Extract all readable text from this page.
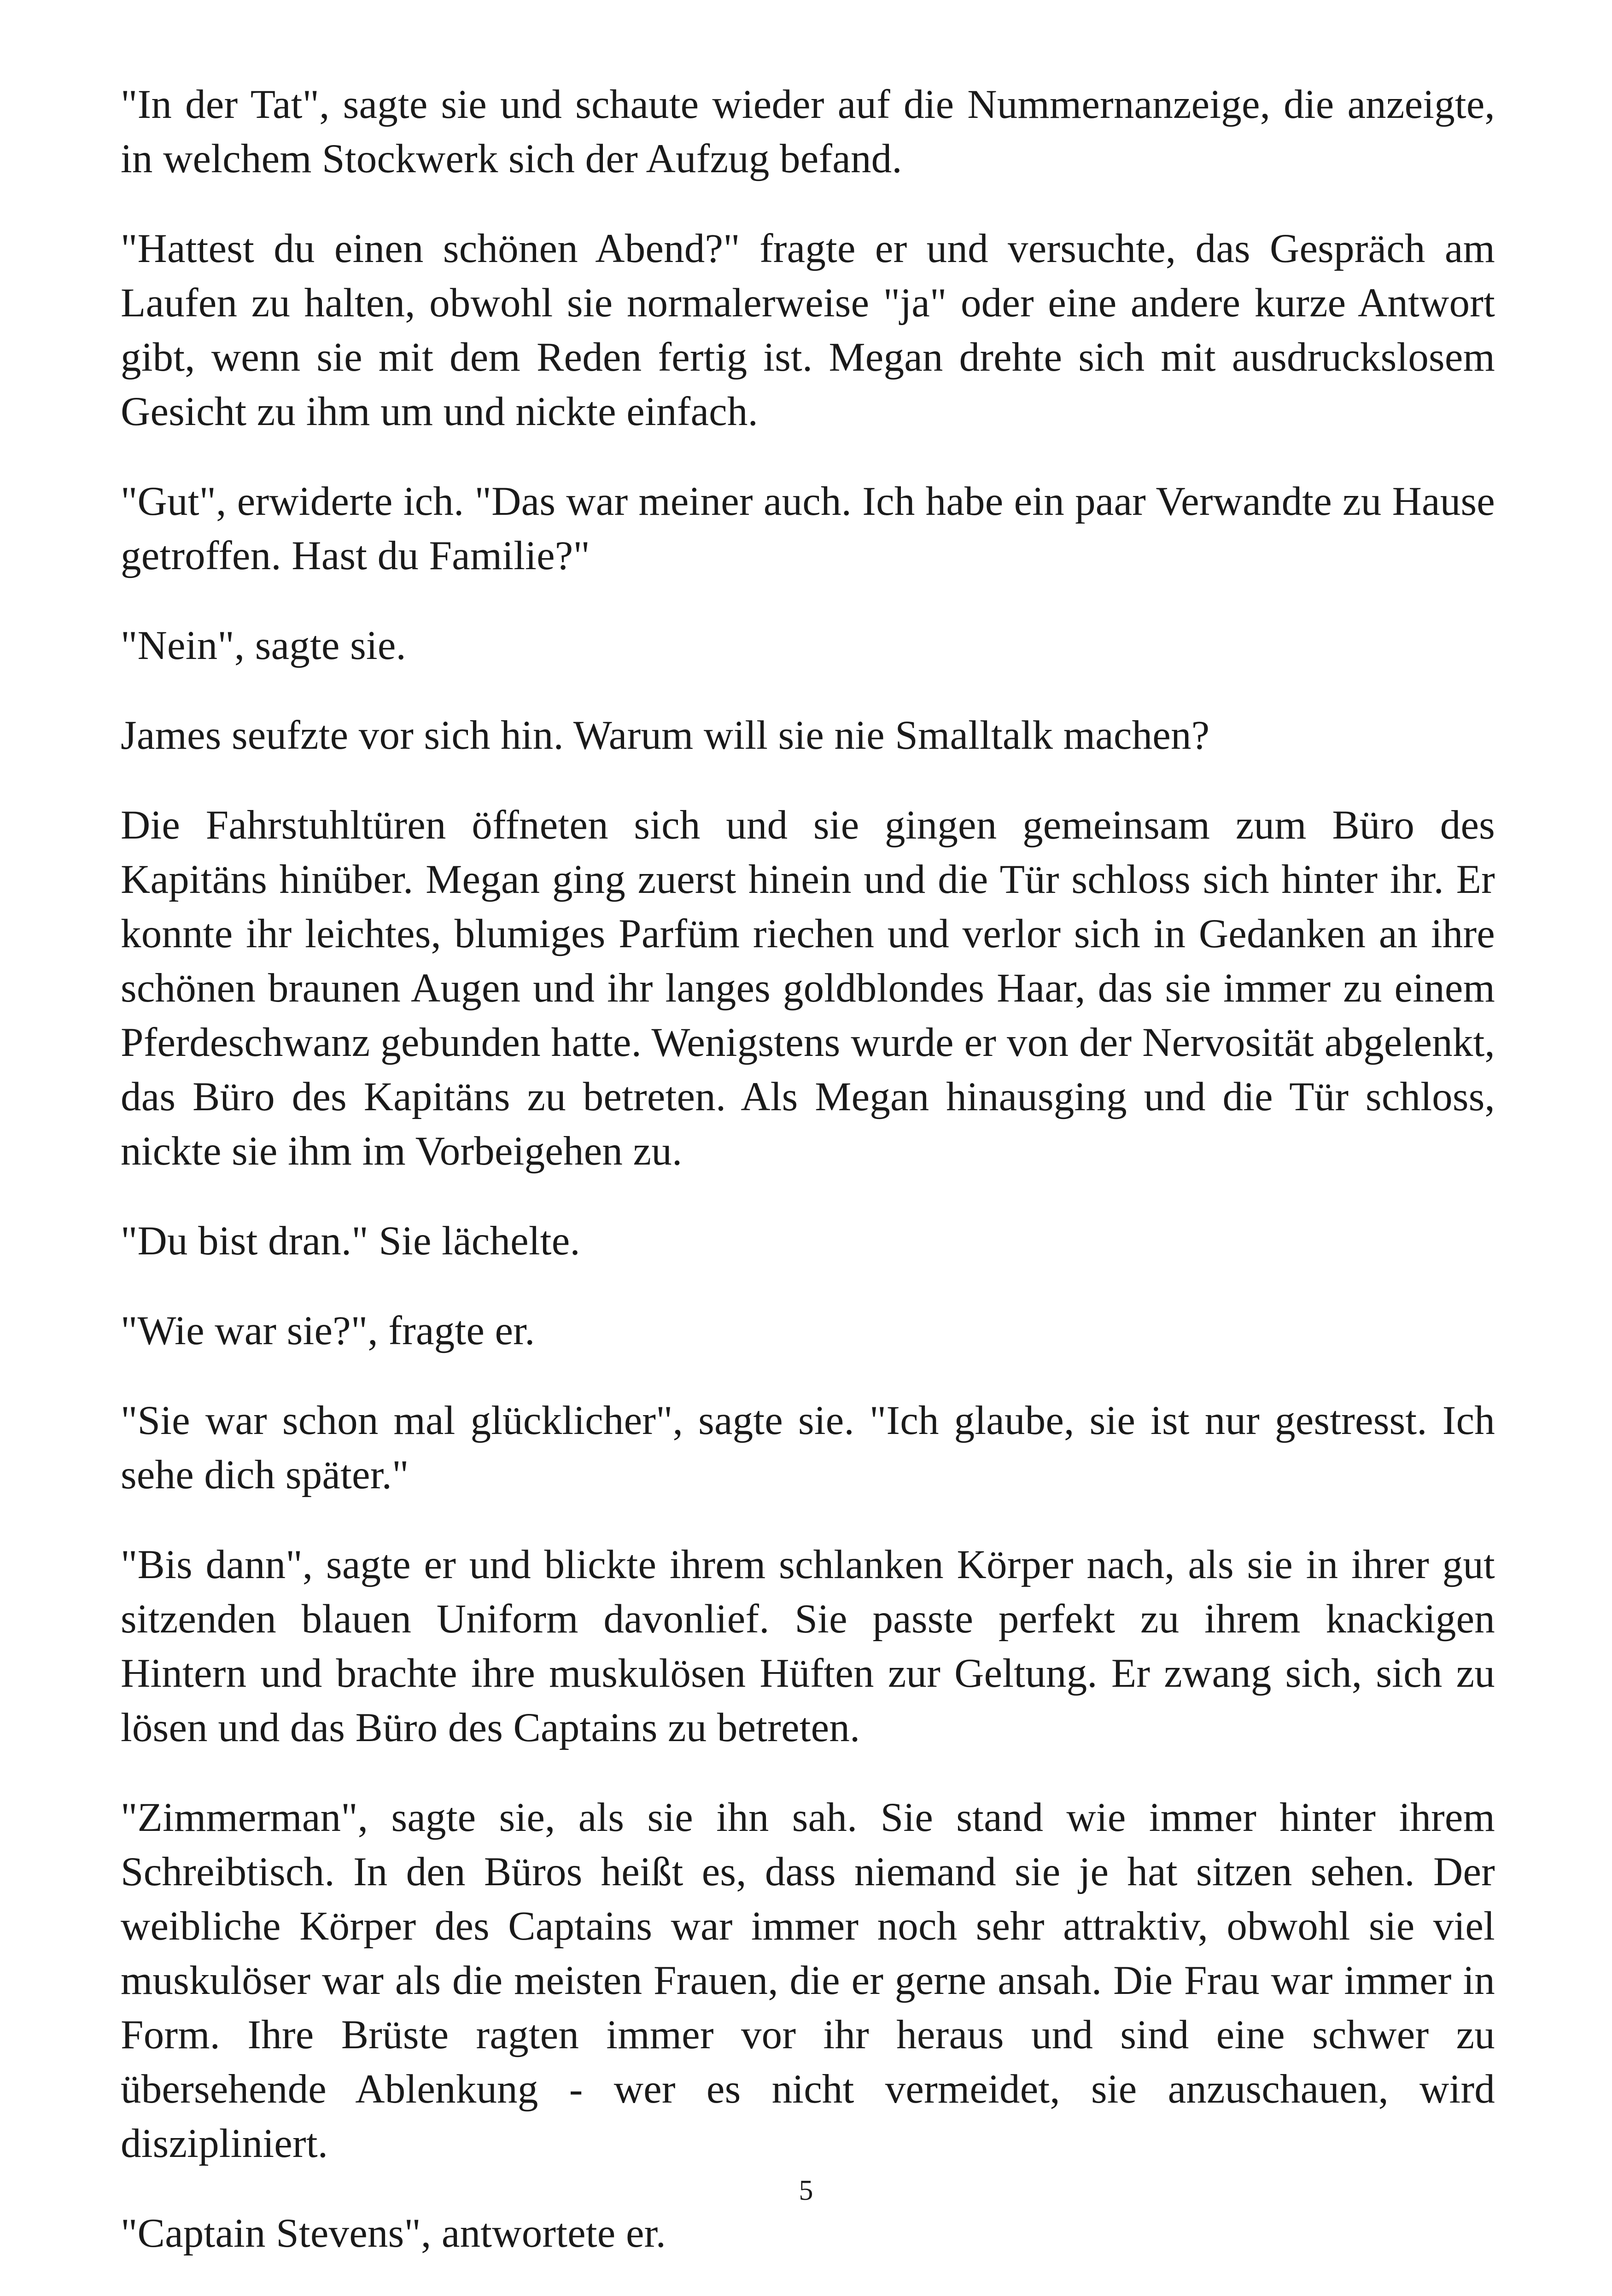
"In der Tat", sagte sie und schaute wieder auf die Nummernanzeige, die anzeigte, in welchem Stockwerk sich der Aufzug befand.

"Hattest du einen schönen Abend?" fragte er und versuchte, das Gespräch am Laufen zu halten, obwohl sie normalerweise "ja" oder eine andere kurze Antwort gibt, wenn sie mit dem Reden fertig ist. Megan drehte sich mit ausdruckslosem Gesicht zu ihm um und nickte einfach.

"Gut", erwiderte ich. "Das war meiner auch. Ich habe ein paar Verwandte zu Hause getroffen. Hast du Familie?"

"Nein", sagte sie.

James seufzte vor sich hin. Warum will sie nie Smalltalk machen?

Die Fahrstuhltüren öffneten sich und sie gingen gemeinsam zum Büro des Kapitäns hinüber. Megan ging zuerst hinein und die Tür schloss sich hinter ihr. Er konnte ihr leichtes, blumiges Parfüm riechen und verlor sich in Gedanken an ihre schönen braunen Augen und ihr langes goldblondes Haar, das sie immer zu einem Pferdeschwanz gebunden hatte. Wenigstens wurde er von der Nervosität abgelenkt, das Büro des Kapitäns zu betreten. Als Megan hinausging und die Tür schloss, nickte sie ihm im Vorbeigehen zu.

"Du bist dran." Sie lächelte.

"Wie war sie?", fragte er.

"Sie war schon mal glücklicher", sagte sie. "Ich glaube, sie ist nur gestresst. Ich sehe dich später."

"Bis dann", sagte er und blickte ihrem schlanken Körper nach, als sie in ihrer gut sitzenden blauen Uniform davonlief. Sie passte perfekt zu ihrem knackigen Hintern und brachte ihre muskulösen Hüften zur Geltung. Er zwang sich, sich zu lösen und das Büro des Captains zu betreten.

"Zimmerman", sagte sie, als sie ihn sah. Sie stand wie immer hinter ihrem Schreibtisch. In den Büros heißt es, dass niemand sie je hat sitzen sehen. Der weibliche Körper des Captains war immer noch sehr attraktiv, obwohl sie viel muskulöser war als die meisten Frauen, die er gerne ansah. Die Frau war immer in Form. Ihre Brüste ragten immer vor ihr heraus und sind eine schwer zu übersehende Ablenkung - wer es nicht vermeidet, sie anzuschauen, wird diszipliniert.

"Captain Stevens", antwortete er.

5
